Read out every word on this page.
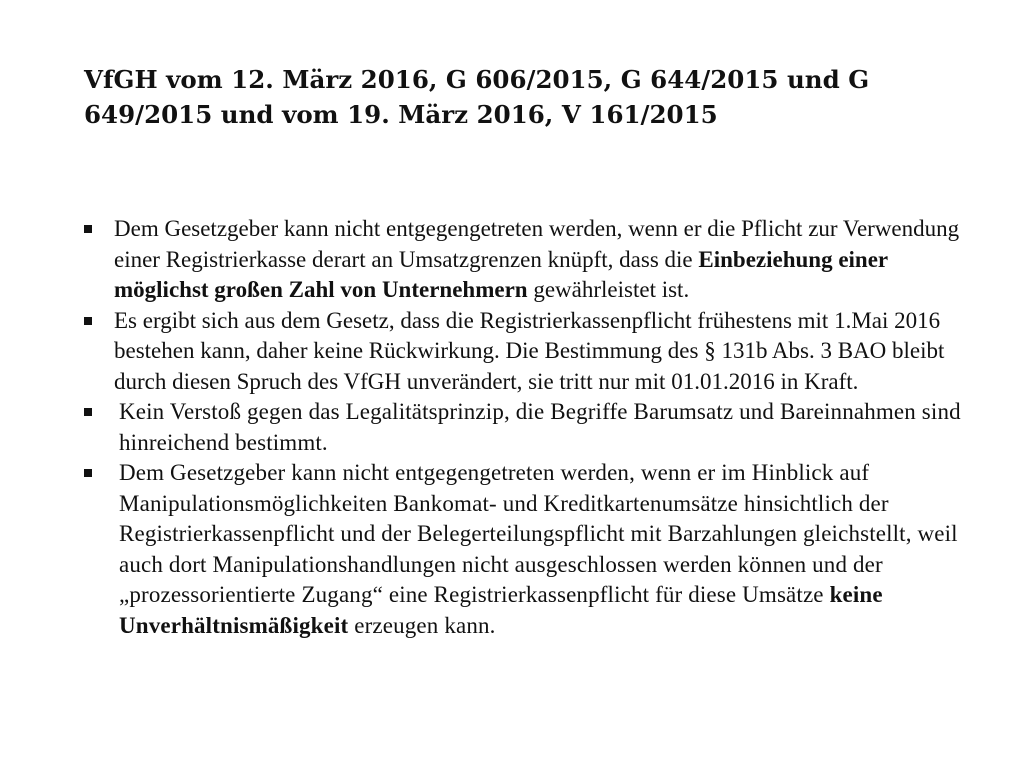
VfGH vom 12. März 2016, G 606/2015, G 644/2015 und G 649/2015 und vom 19. März 2016, V 161/2015
Dem Gesetzgeber kann nicht entgegengetreten werden, wenn er die Pflicht zur Verwendung einer Registrierkasse derart an Umsatzgrenzen knüpft, dass die Einbeziehung einer möglichst großen Zahl von Unternehmern gewährleistet ist.
Es ergibt sich aus dem Gesetz, dass die Registrierkassenpflicht frühestens mit 1.Mai 2016 bestehen kann, daher keine Rückwirkung. Die Bestimmung des § 131b Abs. 3 BAO bleibt durch diesen Spruch des VfGH unverändert, sie tritt nur mit 01.01.2016 in Kraft.
Kein Verstoß gegen das Legalitätsprinzip, die Begriffe Barumsatz und Bareinnahmen sind hinreichend bestimmt.
Dem Gesetzgeber kann nicht entgegengetreten werden, wenn er im Hinblick auf Manipulationsmöglichkeiten Bankomat- und Kreditkartenumsätze hinsichtlich der Registrierkassenpflicht und der Belegerteilungspflicht mit Barzahlungen gleichstellt, weil auch dort Manipulationshandlungen nicht ausgeschlossen werden können und der „prozessorientierte Zugang“ eine Registrierkassenpflicht für diese Umsätze keine Unverhältnismäßigkeit erzeugen kann.
